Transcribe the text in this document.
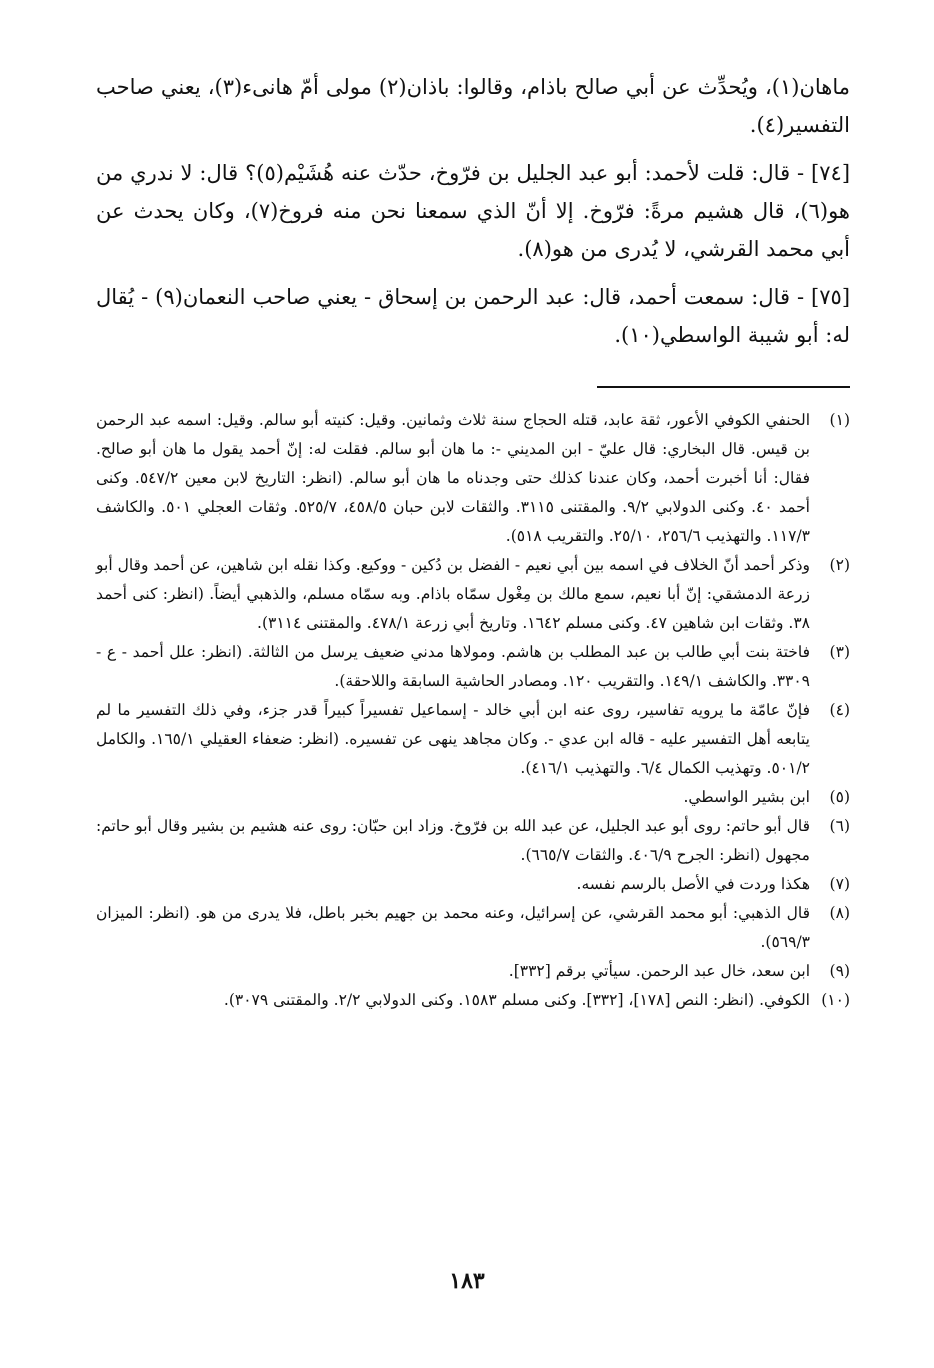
ماهان(١)، ويُحدِّث عن أبي صالح باذام، وقالوا: باذان(٢) مولى أمّ هانىء(٣)، يعني صاحب التفسير(٤).

[٧٤] - قال: قلت لأحمد: أبو عبد الجليل بن فرّوخ، حدّث عنه هُشَيْم(٥)؟ قال: لا ندري من هو(٦)، قال هشيم مرةً: فرّوخ. إلا أنّ الذي سمعنا نحن منه فروخ(٧)، وكان يحدث عن أبي محمد القرشي، لا يُدرى من هو(٨).

[٧٥] - قال: سمعت أحمد، قال: عبد الرحمن بن إسحاق - يعني صاحب النعمان(٩) - يُقال له: أبو شيبة الواسطي(١٠).

(١)
الحنفي الكوفي الأعور، ثقة عابد، قتله الحجاج سنة ثلاث وثمانين. وقيل: كنيته أبو سالم. وقيل: اسمه عبد الرحمن بن قيس. قال البخاري: قال عليّ - ابن المديني -: ما هان أبو سالم. فقلت له: إنّ أحمد يقول ما هان أبو صالح. فقال: أنا أخبرت أحمد، وكان عندنا كذلك حتى وجدناه ما هان أبو سالم. (انظر: التاريخ لابن معين ٥٤٧/٢. وكنى أحمد ٤٠. وكنى الدولابي ٩/٢. والمقتنى ٣١١٥. والثقات لابن حبان ٤٥٨/٥، ٥٢٥/٧. وثقات العجلي ٥٠١. والكاشف ١١٧/٣. والتهذيب ٢٥٦/٦، ٢٥/١٠. والتقريب ٥١٨).
(٢)
وذكر أحمد أنّ الخلاف في اسمه بين أبي نعيم - الفضل بن دُكين - ووكيع. وكذا نقله ابن شاهين، عن أحمد وقال أبو زرعة الدمشقي: إنّ أبا نعيم، سمع مالك بن مِغْول سمّاه باذام. وبه سمّاه مسلم، والذهبي أيضاً. (انظر: كنى أحمد ٣٨. وثقات ابن شاهين ٤٧. وكنى مسلم ١٦٤٢. وتاريخ أبي زرعة ٤٧٨/١. والمقتنى ٣١١٤).
(٣)
فاختة بنت أبي طالب بن عبد المطلب بن هاشم. ومولاها مدني ضعيف يرسل من الثالثة. (انظر: علل أحمد - ع - ٣٣٠٩. والكاشف ١٤٩/١. والتقريب ١٢٠. ومصادر الحاشية السابقة واللاحقة).
(٤)
فإنّ عامّة ما يرويه تفاسير، روى عنه ابن أبي خالد - إسماعيل تفسيراً كبيراً قدر جزء، وفي ذلك التفسير ما لم يتابعه أهل التفسير عليه - قاله ابن عدي -. وكان مجاهد ينهى عن تفسيره. (انظر: ضعفاء العقيلي ١٦٥/١. والكامل ٥٠١/٢. وتهذيب الكمال ٦/٤. والتهذيب ٤١٦/١).
(٥)
ابن بشير الواسطي.
(٦)
قال أبو حاتم: روى أبو عبد الجليل، عن عبد الله بن فرّوخ. وزاد ابن حبّان: روى عنه هشيم بن بشير وقال أبو حاتم: مجهول (انظر: الجرح ٤٠٦/٩. والثقات ٦٦٥/٧).
(٧)
هكذا وردت في الأصل بالرسم نفسه.
(٨)
قال الذهبي: أبو محمد القرشي، عن إسرائيل، وعنه محمد بن جهيم بخبر باطل، فلا يدرى من هو. (انظر: الميزان ٥٦٩/٣).
(٩)
ابن سعد، خال عبد الرحمن. سيأتي برقم [٣٣٢].
(١٠)
الكوفي. (انظر: النص [١٧٨]، [٣٣٢]. وكنى مسلم ١٥٨٣. وكنى الدولابي ٢/٢. والمقتنى ٣٠٧٩).
١٨٣
